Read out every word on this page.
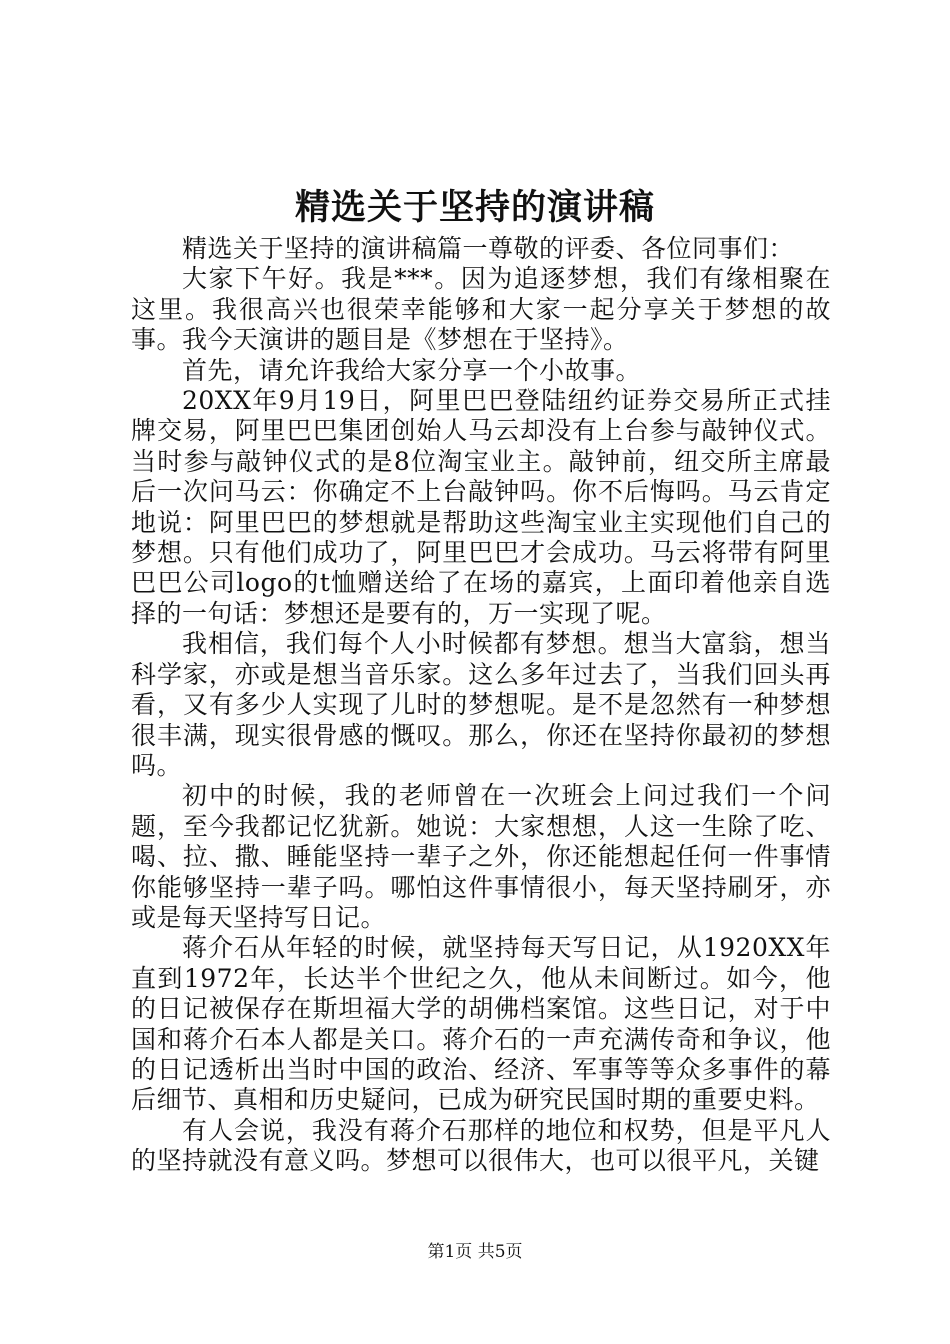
精选关于坚持的演讲稿

精选关于坚持的演讲稿篇一尊敬的评委、各位同事们：

大家下午好。我是***。因为追逐梦想，我们有缘相聚在这里。我很高兴也很荣幸能够和大家一起分享关于梦想的故事。我今天演讲的题目是《梦想在于坚持》。

首先，请允许我给大家分享一个小故事。

20XX年9月19日，阿里巴巴登陆纽约证券交易所正式挂牌交易，阿里巴巴集团创始人马云却没有上台参与敲钟仪式。当时参与敲钟仪式的是8位淘宝业主。敲钟前，纽交所主席最后一次问马云：你确定不上台敲钟吗。你不后悔吗。马云肯定地说：阿里巴巴的梦想就是帮助这些淘宝业主实现他们自己的梦想。只有他们成功了，阿里巴巴才会成功。马云将带有阿里巴巴公司logo的t恤赠送给了在场的嘉宾，上面印着他亲自选择的一句话：梦想还是要有的，万一实现了呢。

我相信，我们每个人小时候都有梦想。想当大富翁，想当科学家，亦或是想当音乐家。这么多年过去了，当我们回头再看，又有多少人实现了儿时的梦想呢。是不是忽然有一种梦想很丰满，现实很骨感的慨叹。那么，你还在坚持你最初的梦想吗。

初中的时候，我的老师曾在一次班会上问过我们一个问题，至今我都记忆犹新。她说：大家想想，人这一生除了吃、喝、拉、撒、睡能坚持一辈子之外，你还能想起任何一件事情你能够坚持一辈子吗。哪怕这件事情很小，每天坚持刷牙，亦或是每天坚持写日记。

蒋介石从年轻的时候，就坚持每天写日记，从1920XX年直到1972年，长达半个世纪之久，他从未间断过。如今，他的日记被保存在斯坦福大学的胡佛档案馆。这些日记，对于中国和蒋介石本人都是关口。蒋介石的一声充满传奇和争议，他的日记透析出当时中国的政治、经济、军事等等众多事件的幕后细节、真相和历史疑问，已成为研究民国时期的重要史料。

有人会说，我没有蒋介石那样的地位和权势，但是平凡人的坚持就没有意义吗。梦想可以很伟大，也可以很平凡，关键

第1页 共5页
